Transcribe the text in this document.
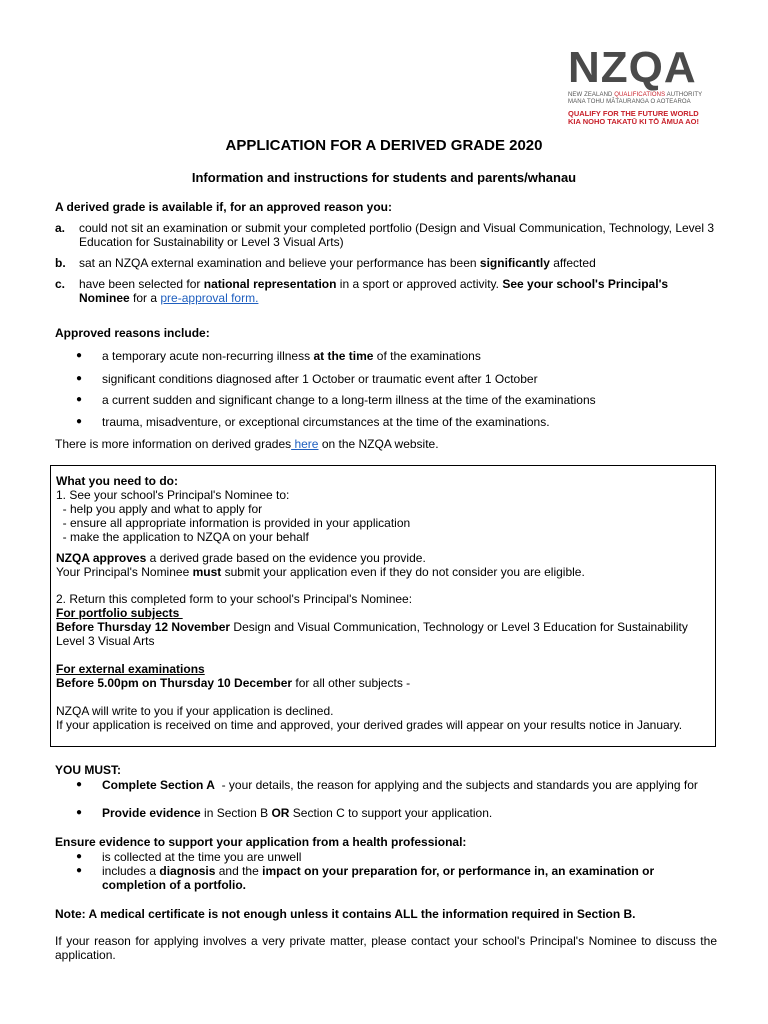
N Z Q A
NEW ZEALAND QUALIFICATIONS AUTHORITY
MANA TOHU MĀTAURANGA O AOTEAROA
QUALIFY FOR THE FUTURE WORLD
KIA NOHO TAKATŪ KI TŌ ĀMUA AO!
APPLICATION FOR A DERIVED GRADE 2020
Information and instructions for students and parents/whanau
A derived grade is available if, for an approved reason you:
a.	could not sit an examination or submit your completed portfolio (Design and Visual Communication, Technology, Level 3 Education for Sustainability or Level 3 Visual Arts)
b.	sat an NZQA external examination and believe your performance has been significantly affected
c.	have been selected for national representation in a sport or approved activity. See your school's Principal's Nominee for a pre-approval form.
Approved reasons include:
●	a temporary acute non-recurring illness at the time of the examinations
●	significant conditions diagnosed after 1 October or traumatic event after 1 October
●	a current sudden and significant change to a long-term illness at the time of the examinations
●	trauma, misadventure, or exceptional circumstances at the time of the examinations.
There is more information on derived grades here on the NZQA website.
What you need to do:
1. See your school's Principal's Nominee to:
- help you apply and what to apply for
- ensure all appropriate information is provided in your application
- make the application to NZQA on your behalf
NZQA approves a derived grade based on the evidence you provide.
Your Principal's Nominee must submit your application even if they do not consider you are eligible.
2. Return this completed form to your school's Principal's Nominee:
For portfolio subjects
Before Thursday 12 November Design and Visual Communication, Technology or Level 3 Education for Sustainability Level 3 Visual Arts
For external examinations
Before 5.00pm on Thursday 10 December for all other subjects -
NZQA will write to you if your application is declined.
If your application is received on time and approved, your derived grades will appear on your results notice in January.
YOU MUST:
●	Complete Section A  - your details, the reason for applying and the subjects and standards you are applying for
●	Provide evidence in Section B OR Section C to support your application.
Ensure evidence to support your application from a health professional:
●	is collected at the time you are unwell
●	includes a diagnosis and the impact on your preparation for, or performance in, an examination or completion of a portfolio.
Note: A medical certificate is not enough unless it contains ALL the information required in Section B.
If your reason for applying involves a very private matter, please contact your school's Principal's Nominee to discuss the application.
